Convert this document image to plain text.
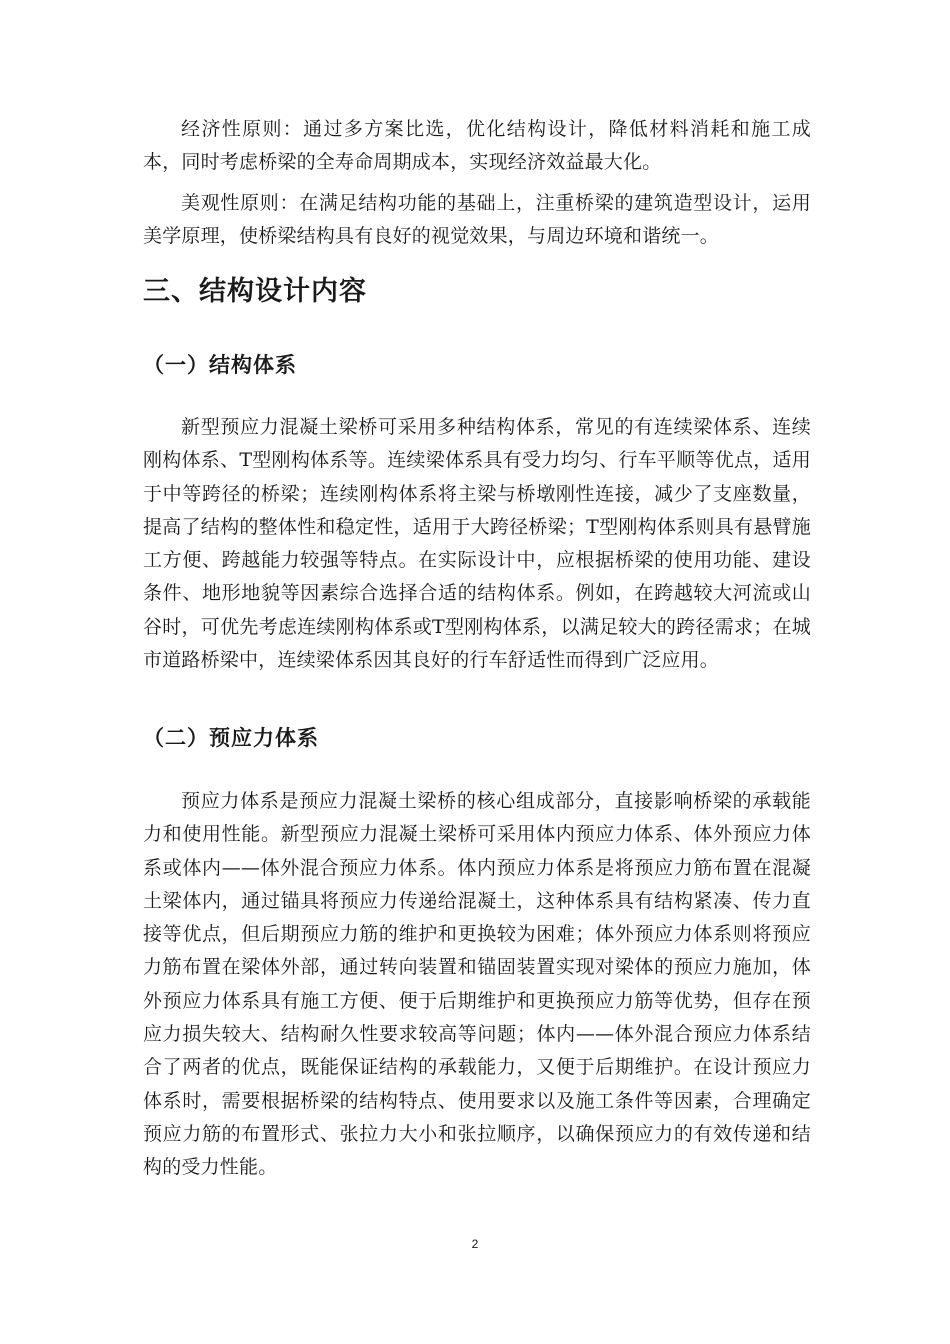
经济性原则：通过多方案比选，优化结构设计，降低材料消耗和施工成本，同时考虑桥梁的全寿命周期成本，实现经济效益最大化。

美观性原则：在满足结构功能的基础上，注重桥梁的建筑造型设计，运用美学原理，使桥梁结构具有良好的视觉效果，与周边环境和谐统一。

三、结构设计内容
（一）结构体系

新型预应力混凝土梁桥可采用多种结构体系，常见的有连续梁体系、连续刚构体系、T型刚构体系等。连续梁体系具有受力均匀、行车平顺等优点，适用于中等跨径的桥梁；连续刚构体系将主梁与桥墩刚性连接，减少了支座数量，提高了结构的整体性和稳定性，适用于大跨径桥梁；T型刚构体系则具有悬臂施工方便、跨越能力较强等特点。在实际设计中，应根据桥梁的使用功能、建设条件、地形地貌等因素综合选择合适的结构体系。例如，在跨越较大河流或山谷时，可优先考虑连续刚构体系或T型刚构体系，以满足较大的跨径需求；在城市道路桥梁中，连续梁体系因其良好的行车舒适性而得到广泛应用。

（二）预应力体系

预应力体系是预应力混凝土梁桥的核心组成部分，直接影响桥梁的承载能力和使用性能。新型预应力混凝土梁桥可采用体内预应力体系、体外预应力体系或体内——体外混合预应力体系。体内预应力体系是将预应力筋布置在混凝土梁体内，通过锚具将预应力传递给混凝土，这种体系具有结构紧凑、传力直接等优点，但后期预应力筋的维护和更换较为困难；体外预应力体系则将预应力筋布置在梁体外部，通过转向装置和锚固装置实现对梁体的预应力施加，体外预应力体系具有施工方便、便于后期维护和更换预应力筋等优势，但存在预应力损失较大、结构耐久性要求较高等问题；体内——体外混合预应力体系结合了两者的优点，既能保证结构的承载能力，又便于后期维护。在设计预应力体系时，需要根据桥梁的结构特点、使用要求以及施工条件等因素，合理确定预应力筋的布置形式、张拉力大小和张拉顺序，以确保预应力的有效传递和结构的受力性能。

2
